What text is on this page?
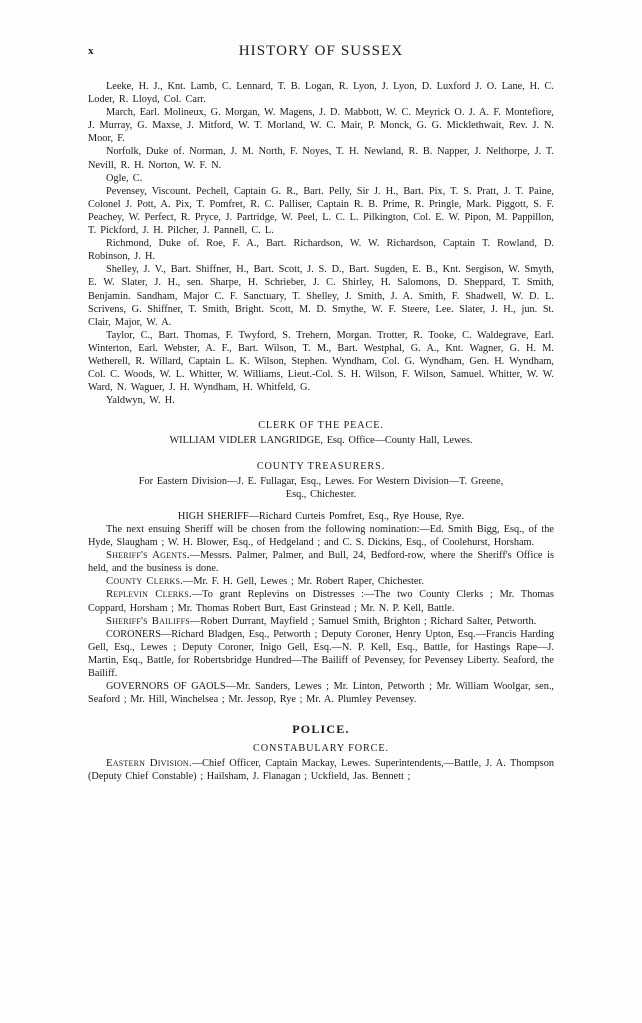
x	HISTORY OF SUSSEX

Leeke, H. J., Knt. Lamb, C. Lennard, T. B. Logan, R. Lyon, J. Lyon, D. Luxford J. O. Lane, H. C. Loder, R. Lloyd, Col. Carr.

March, Earl. Molineux, G. Morgan, W. Magens, J. D. Mabbott, W. C. Meyrick O. J. A. F. Montefiore, J. Murray, G. Maxse, J. Mitford, W. T. Morland, W. C. Mair, P. Monck, G. G. Micklethwait, Rev. J. N. Moor, F.

Norfolk, Duke of. Norman, J. M. North, F. Noyes, T. H. Newland, R. B. Napper, J. Nelthorpe, J. T. Nevill, R. H. Norton, W. F. N.

Ogle, C.

Pevensey, Viscount. Pechell, Captain G. R., Bart. Pelly, Sir J. H., Bart. Pix, T. S. Pratt, J. T. Paine, Colonel J. Pott, A. Pix, T. Pomfret, R. C. Palliser, Captain R. B. Prime, R. Pringle, Mark. Piggott, S. F. Peachey, W. Perfect, R. Pryce, J. Partridge, W. Peel, L. C. L. Pilkington, Col. E. W. Pipon, M. Pappillon, T. Pickford, J. H. Pilcher, J. Pannell, C. L.

Richmond, Duke of. Roe, F. A., Bart. Richardson, W. W. Richardson, Captain T. Rowland, D. Robinson, J. H.

Shelley, J. V., Bart. Shiffner, H., Bart. Scott, J. S. D., Bart. Sugden, E. B., Knt. Sergison, W. Smyth, E. W. Slater, J. H., sen. Sharpe, H. Schrieber, J. C. Shirley, H. Salomons, D. Sheppard, T. Smith, Benjamin. Sandham, Major C. F. Sanctuary, T. Shelley, J. Smith, J. A. Smith, F. Shadwell, W. D. L. Scrivens, G. Shiffner, T. Smith, Bright. Scott, M. D. Smythe, W. F. Steere, Lee. Slater, J. H., jun. St. Clair, Major, W. A.

Taylor, C., Bart. Thomas, F. Twyford, S. Trehern, Morgan. Trotter, R. Tooke, C. Waldegrave, Earl. Winterton, Earl. Webster, A. F., Bart. Wilson, T. M., Bart. Westphal, G. A., Knt. Wagner, G. H. M. Wetherell, R. Willard, Captain L. K. Wilson, Stephen. Wyndham, Col. G. Wyndham, Gen. H. Wyndham, Col. C. Woods, W. L. Whitter, W. Williams, Lieut.-Col. S. H. Wilson, F. Wilson, Samuel. Whitter, W. W. Ward, N. Waguer, J. H. Wyndham, H. Whitfeld, G.

Yaldwyn, W. H.

CLERK OF THE PEACE.

WILLIAM VIDLER LANGRIDGE, Esq. Office—County Hall, Lewes.

COUNTY TREASURERS.

For Eastern Division—J. E. Fullagar, Esq., Lewes. For Western Division—T. Greene,

Esq., Chichester.

HIGH SHERIFF—Richard Curteis Pomfret, Esq., Rye House, Rye.

The next ensuing Sheriff will be chosen from the following nomination:—Ed. Smith Bigg, Esq., of the Hyde, Slaugham ; W. H. Blower, Esq., of Hedgeland ; and C. S. Dickins, Esq., of Coolehurst, Horsham.

Sheriff's Agents.—Messrs. Palmer, Palmer, and Bull, 24, Bedford-row, where the Sheriff's Office is held, and the business is done.

County Clerks.—Mr. F. H. Gell, Lewes ; Mr. Robert Raper, Chichester.

Replevin Clerks.—To grant Replevins on Distresses :—The two County Clerks ; Mr. Thomas Coppard, Horsham ; Mr. Thomas Robert Burt, East Grinstead ; Mr. N. P. Kell, Battle.

Sheriff's Bailiffs—Robert Durrant, Mayfield ; Samuel Smith, Brighton ; Richard Salter, Petworth.

CORONERS—Richard Bladgen, Esq., Petworth ; Deputy Coroner, Henry Upton, Esq.—Francis Harding Gell, Esq., Lewes ; Deputy Coroner, Inigo Gell, Esq.—N. P. Kell, Esq., Battle, for Hastings Rape—J. Martin, Esq., Battle, for Robertsbridge Hundred—The Bailiff of Pevensey, for Pevensey Liberty. Seaford, the Bailiff.

GOVERNORS OF GAOLS—Mr. Sanders, Lewes ; Mr. Linton, Petworth ; Mr. William Woolgar, sen., Seaford ; Mr. Hill, Winchelsea ; Mr. Jessop, Rye ; Mr. A. Plumley Pevensey.

POLICE.
CONSTABULARY FORCE.

Eastern Division.—Chief Officer, Captain Mackay, Lewes. Superintendents,—Battle, J. A. Thompson (Deputy Chief Constable) ; Hailsham, J. Flanagan ; Uckfield, Jas. Bennett ;
